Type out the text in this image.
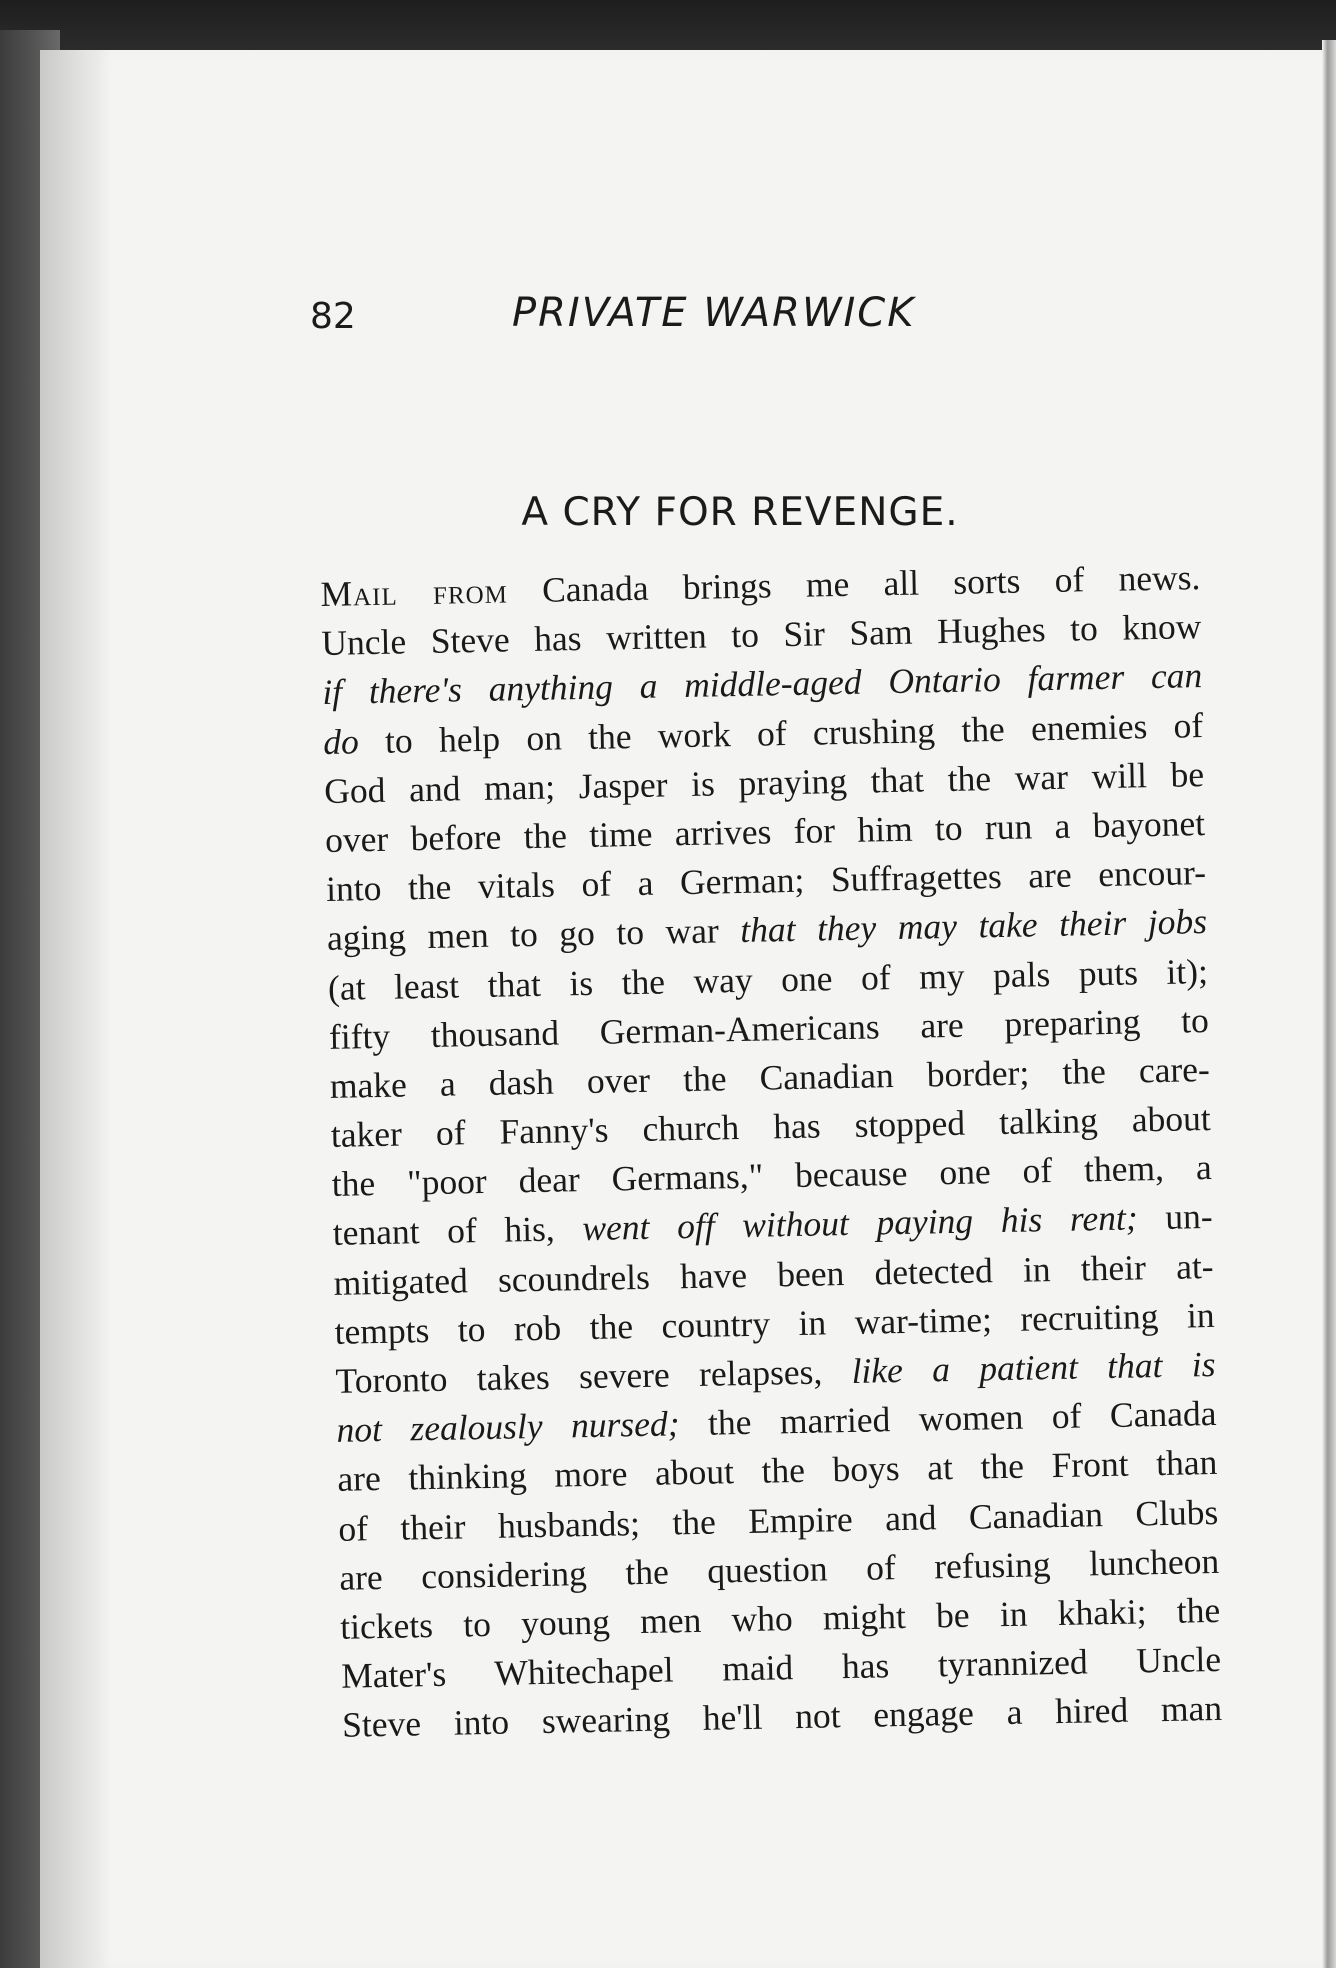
82	PRIVATE WARWICK
A CRY FOR REVENGE.
Mail from Canada brings me all sorts of news.
Uncle Steve has written to Sir Sam Hughes to know
if there's anything a middle-aged Ontario farmer can
do to help on the work of crushing the enemies of
God and man; Jasper is praying that the war will be
over before the time arrives for him to run a bayonet
into the vitals of a German; Suffragettes are encour-
aging men to go to war that they may take their jobs
(at least that is the way one of my pals puts it);
fifty thousand German-Americans are preparing to
make a dash over the Canadian border; the care-
taker of Fanny's church has stopped talking about
the "poor dear Germans," because one of them, a
tenant of his, went off without paying his rent; un-
mitigated scoundrels have been detected in their at-
tempts to rob the country in war-time; recruiting in
Toronto takes severe relapses, like a patient that is
not zealously nursed; the married women of Canada
are thinking more about the boys at the Front than
of their husbands; the Empire and Canadian Clubs
are considering the question of refusing luncheon
tickets to young men who might be in khaki; the
Mater's Whitechapel maid has tyrannized Uncle
Steve into swearing he'll not engage a hired man
